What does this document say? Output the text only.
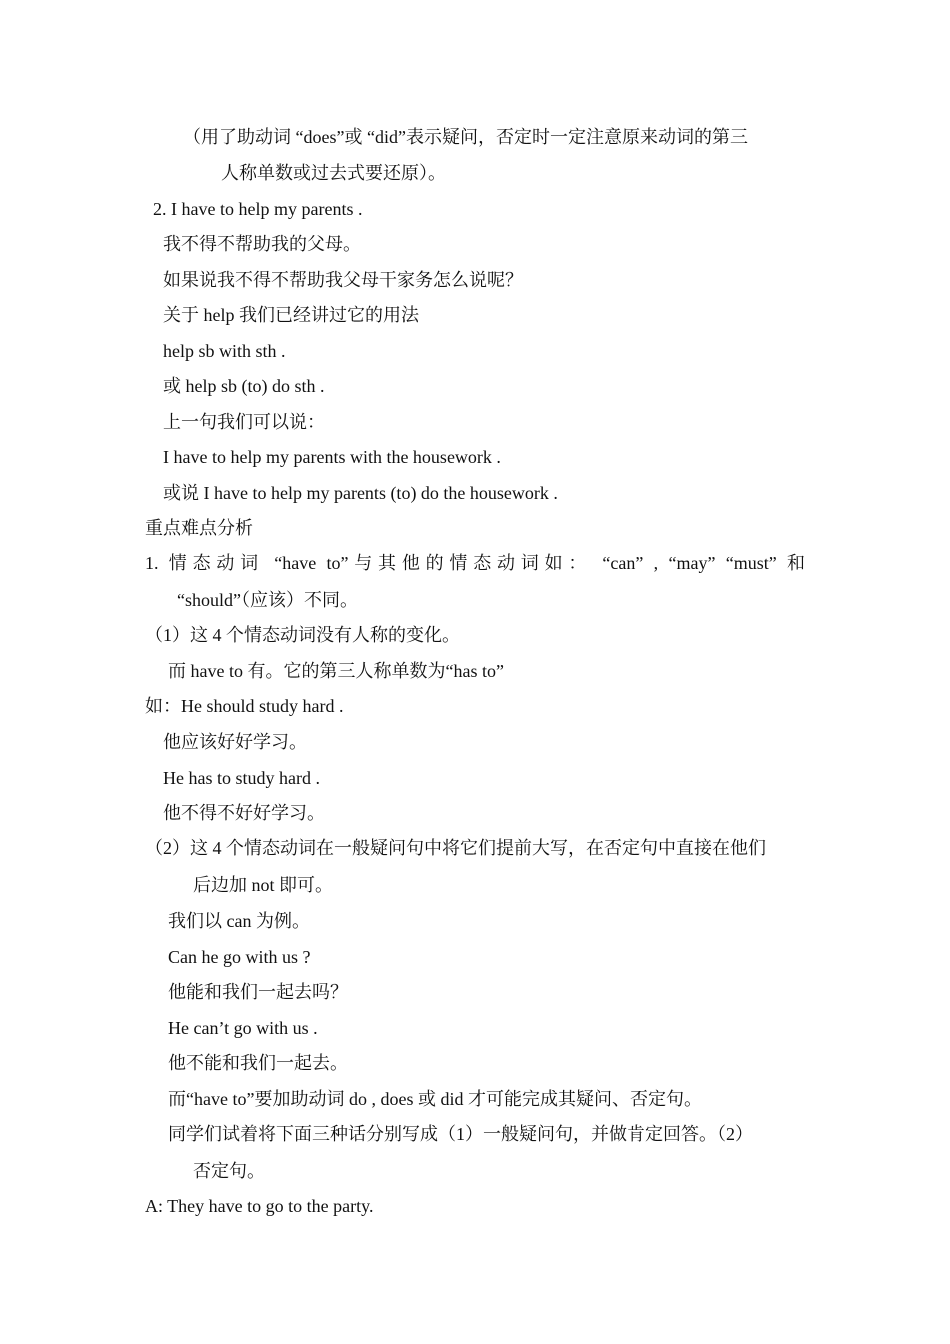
（用了助动词 “does”或 “did”表示疑问，否定时一定注意原来动词的第三
人称单数或过去式要还原）。
2. I have to help my parents .
我不得不帮助我的父母。
如果说我不得不帮助我父母干家务怎么说呢？
关于 help 我们已经讲过它的用法
help sb with sth .
或 help sb (to) do sth .
上一句我们可以说：
I have to help my parents with the housework .
或说 I have to help my parents (to) do the housework .
重点难点分析
1. 情态动词 “have to”与其他的情态动词如： “can” , “may” “must” 和
“should”（应该）不同。
（1）这 4 个情态动词没有人称的变化。
而 have to 有。它的第三人称单数为“has to”
如：He should study hard .
他应该好好学习。
He has to study hard .
他不得不好好学习。
（2）这 4 个情态动词在一般疑问句中将它们提前大写，在否定句中直接在他们
后边加 not 即可。
我们以 can 为例。
Can he go with us ?
他能和我们一起去吗？
He can’t go with us .
他不能和我们一起去。
而“have to”要加助动词 do , does 或 did 才可能完成其疑问、否定句。
同学们试着将下面三种话分别写成（1）一般疑问句，并做肯定回答。（2）
否定句。
A: They have to go to the party.
